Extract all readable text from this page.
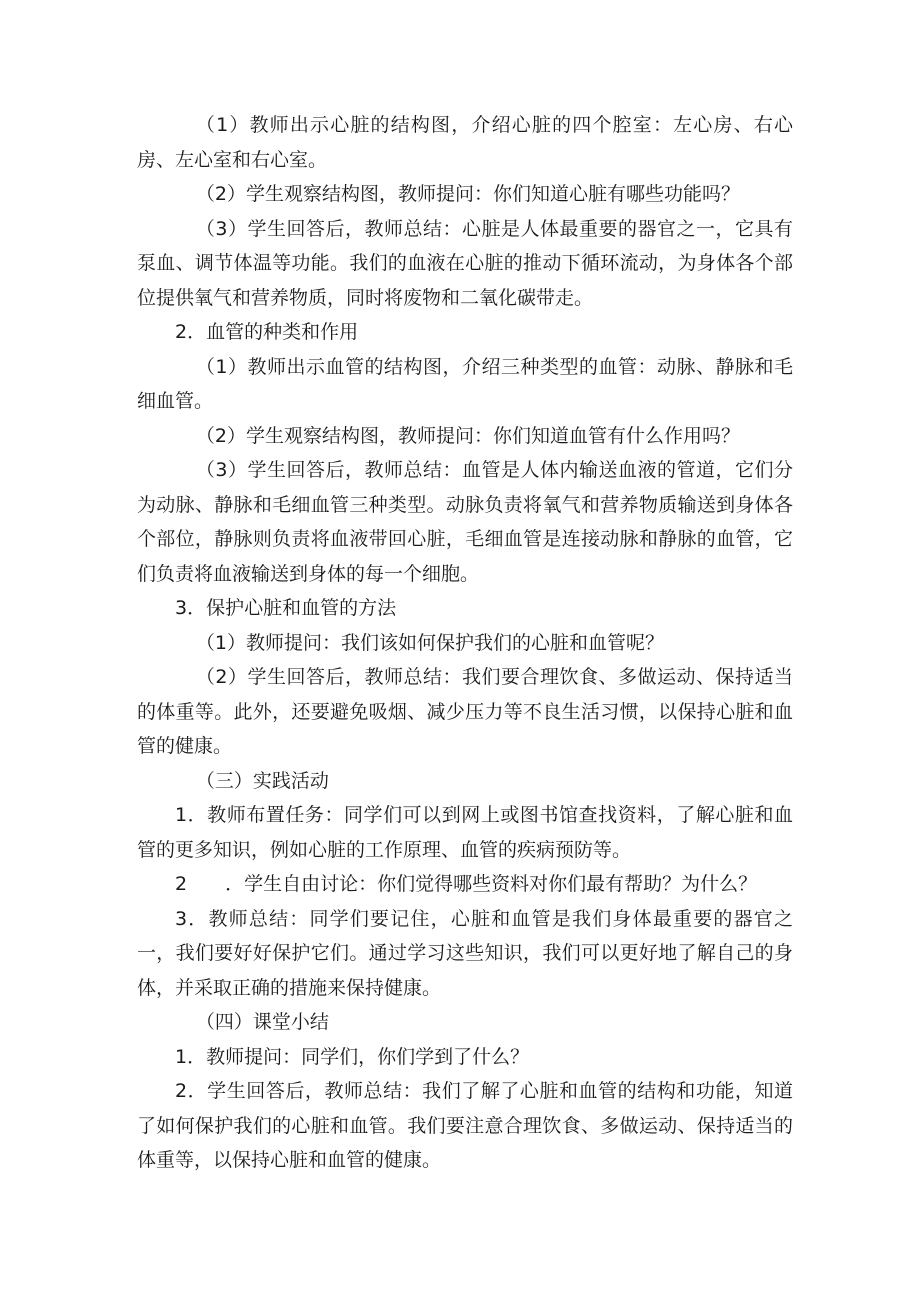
（1）教师出示心脏的结构图，介绍心脏的四个腔室：左心房、右心房、左心室和右心室。

（2）学生观察结构图，教师提问：你们知道心脏有哪些功能吗？

（3）学生回答后，教师总结：心脏是人体最重要的器官之一，它具有泵血、调节体温等功能。我们的血液在心脏的推动下循环流动，为身体各个部位提供氧气和营养物质，同时将废物和二氧化碳带走。

2．血管的种类和作用

（1）教师出示血管的结构图，介绍三种类型的血管：动脉、静脉和毛细血管。

（2）学生观察结构图，教师提问：你们知道血管有什么作用吗？

（3）学生回答后，教师总结：血管是人体内输送血液的管道，它们分为动脉、静脉和毛细血管三种类型。动脉负责将氧气和营养物质输送到身体各个部位，静脉则负责将血液带回心脏，毛细血管是连接动脉和静脉的血管，它们负责将血液输送到身体的每一个细胞。

3．保护心脏和血管的方法

（1）教师提问：我们该如何保护我们的心脏和血管呢？

（2）学生回答后，教师总结：我们要合理饮食、多做运动、保持适当的体重等。此外，还要避免吸烟、减少压力等不良生活习惯，以保持心脏和血管的健康。

（三）实践活动

1．教师布置任务：同学们可以到网上或图书馆查找资料，了解心脏和血管的更多知识，例如心脏的工作原理、血管的疾病预防等。

2　　．学生自由讨论：你们觉得哪些资料对你们最有帮助？为什么？

3．教师总结：同学们要记住，心脏和血管是我们身体最重要的器官之一，我们要好好保护它们。通过学习这些知识，我们可以更好地了解自己的身体，并采取正确的措施来保持健康。

（四）课堂小结

1．教师提问：同学们，你们学到了什么？

2．学生回答后，教师总结：我们了解了心脏和血管的结构和功能，知道了如何保护我们的心脏和血管。我们要注意合理饮食、多做运动、保持适当的体重等，以保持心脏和血管的健康。
